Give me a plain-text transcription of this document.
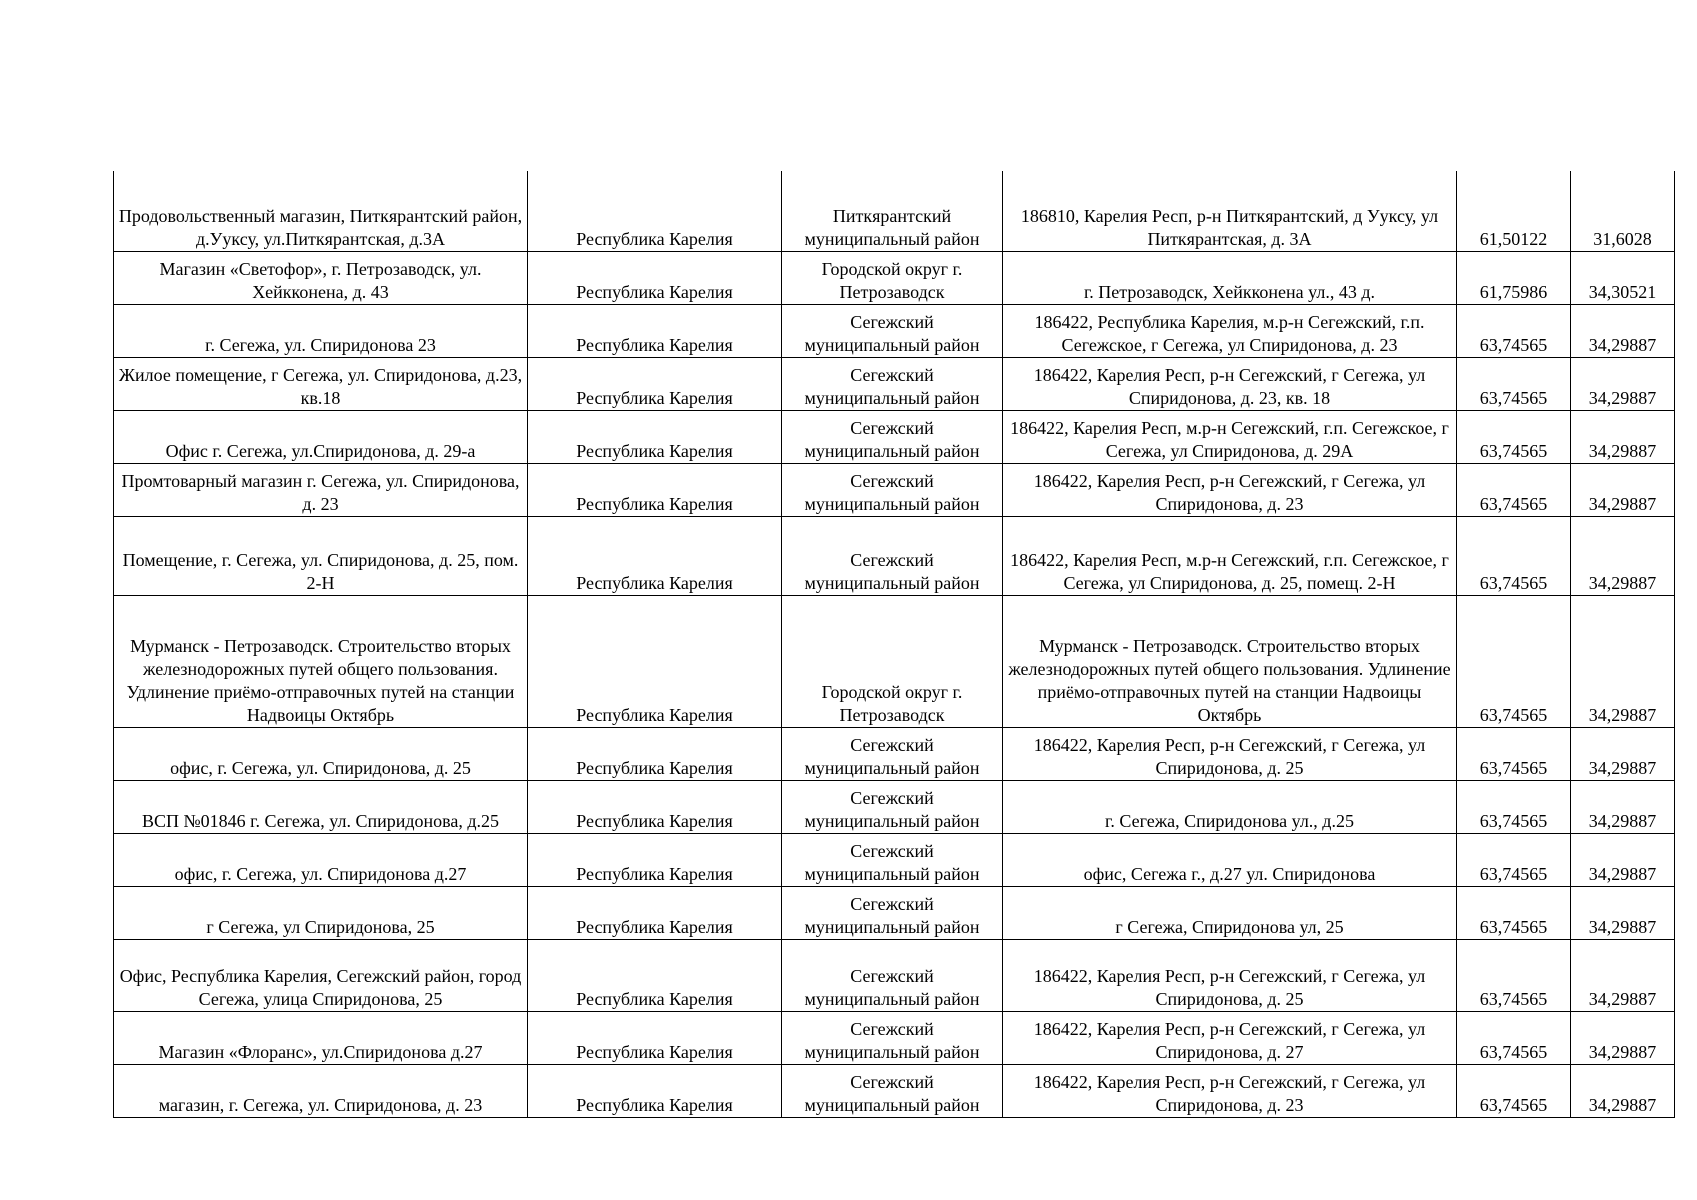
Продовольственный магазин, Питкярантский район, д.Ууксу, ул.Питкярантская, д.3А	Республика Карелия	Питкярантский муниципальный район	186810, Карелия Респ, р-н Питкярантский, д Ууксу, ул Питкярантская, д. 3А	61,50122	31,6028
Магазин «Светофор», г. Петрозаводск, ул. Хейкконена, д. 43	Республика Карелия	Городской округ г. Петрозаводск	г. Петрозаводск, Хейкконена ул., 43 д.	61,75986	34,30521
г. Сегежа, ул. Спиридонова 23	Республика Карелия	Сегежский муниципальный район	186422, Республика Карелия, м.р-н Сегежский, г.п. Сегежское, г Сегежа, ул Спиридонова, д. 23	63,74565	34,29887
Жилое помещение, г Сегежа, ул. Спиридонова, д.23, кв.18	Республика Карелия	Сегежский муниципальный район	186422, Карелия Респ, р-н Сегежский, г Сегежа, ул Спиридонова, д. 23, кв. 18	63,74565	34,29887
Офис г. Сегежа, ул.Спиридонова, д. 29-а	Республика Карелия	Сегежский муниципальный район	186422, Карелия Респ, м.р-н Сегежский, г.п. Сегежское, г Сегежа, ул Спиридонова, д. 29А	63,74565	34,29887
Промтоварный магазин г. Сегежа, ул. Спиридонова, д. 23	Республика Карелия	Сегежский муниципальный район	186422, Карелия Респ, р-н Сегежский, г Сегежа, ул Спиридонова, д. 23	63,74565	34,29887
Помещение, г. Сегежа, ул. Спиридонова, д. 25, пом. 2-Н	Республика Карелия	Сегежский муниципальный район	186422, Карелия Респ, м.р-н Сегежский, г.п. Сегежское, г Сегежа, ул Спиридонова, д. 25, помещ. 2-Н	63,74565	34,29887
Мурманск - Петрозаводск. Строительство вторых железнодорожных путей общего пользования. Удлинение приёмо-отправочных путей на станции Надвоицы Октябрь	Республика Карелия	Городской округ г. Петрозаводск	Мурманск - Петрозаводск. Строительство вторых железнодорожных путей общего пользования. Удлинение приёмо-отправочных путей на станции Надвоицы Октябрь	63,74565	34,29887
офис, г. Сегежа, ул. Спиридонова, д. 25	Республика Карелия	Сегежский муниципальный район	186422, Карелия Респ, р-н Сегежский, г Сегежа, ул Спиридонова, д. 25	63,74565	34,29887
ВСП №01846 г. Сегежа, ул. Спиридонова, д.25	Республика Карелия	Сегежский муниципальный район	г. Сегежа, Спиридонова ул., д.25	63,74565	34,29887
офис, г. Сегежа, ул. Спиридонова д.27	Республика Карелия	Сегежский муниципальный район	офис, Сегежа г., д.27 ул. Спиридонова	63,74565	34,29887
г Сегежа, ул Спиридонова, 25	Республика Карелия	Сегежский муниципальный район	г Сегежа, Спиридонова ул, 25	63,74565	34,29887
Офис, Республика Карелия, Сегежский район, город Сегежа, улица Спиридонова, 25	Республика Карелия	Сегежский муниципальный район	186422, Карелия Респ, р-н Сегежский, г Сегежа, ул Спиридонова, д. 25	63,74565	34,29887
Магазин «Флоранс», ул.Спиридонова д.27	Республика Карелия	Сегежский муниципальный район	186422, Карелия Респ, р-н Сегежский, г Сегежа, ул Спиридонова, д. 27	63,74565	34,29887
магазин, г. Сегежа, ул. Спиридонова, д. 23	Республика Карелия	Сегежский муниципальный район	186422, Карелия Респ, р-н Сегежский, г Сегежа, ул Спиридонова, д. 23	63,74565	34,29887
